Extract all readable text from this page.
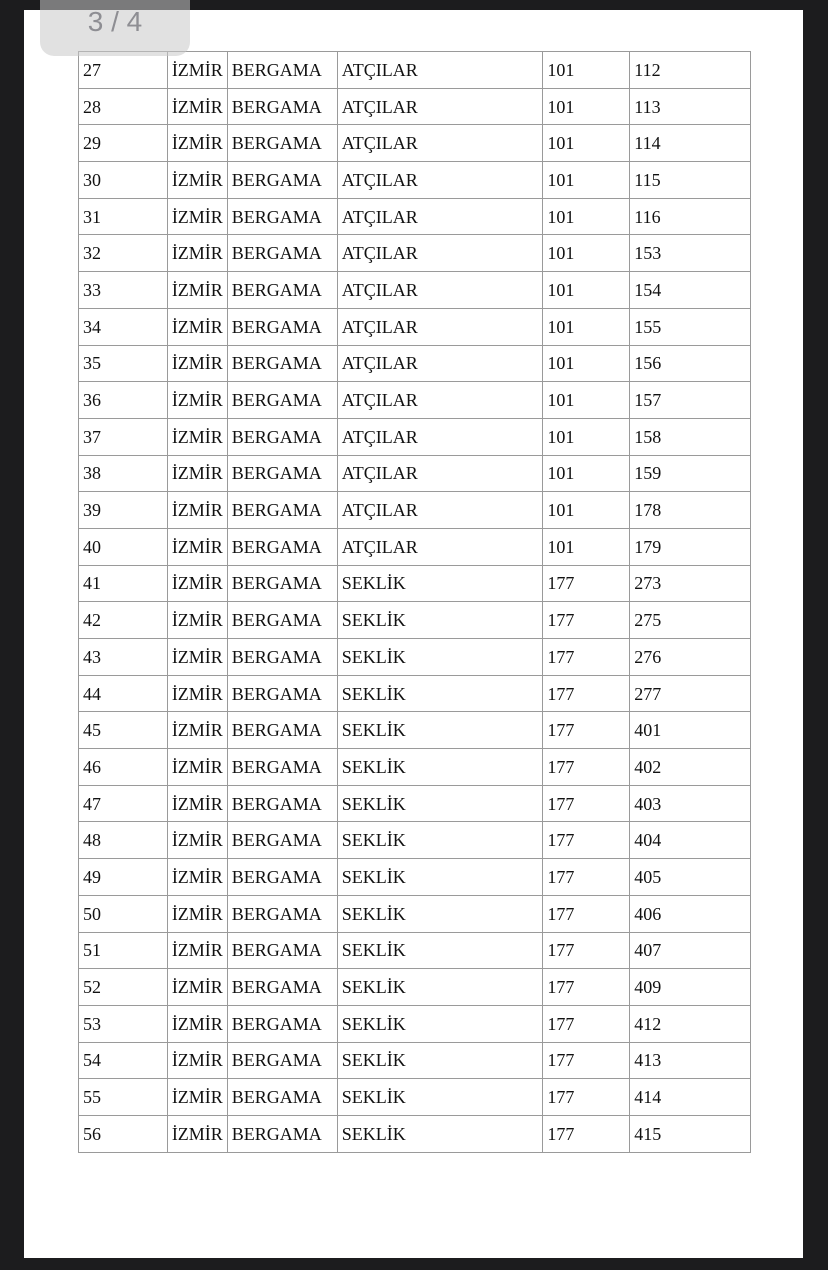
3 / 4
27	İZMİR	BERGAMA	ATÇILAR	101	112
28	İZMİR	BERGAMA	ATÇILAR	101	113
29	İZMİR	BERGAMA	ATÇILAR	101	114
30	İZMİR	BERGAMA	ATÇILAR	101	115
31	İZMİR	BERGAMA	ATÇILAR	101	116
32	İZMİR	BERGAMA	ATÇILAR	101	153
33	İZMİR	BERGAMA	ATÇILAR	101	154
34	İZMİR	BERGAMA	ATÇILAR	101	155
35	İZMİR	BERGAMA	ATÇILAR	101	156
36	İZMİR	BERGAMA	ATÇILAR	101	157
37	İZMİR	BERGAMA	ATÇILAR	101	158
38	İZMİR	BERGAMA	ATÇILAR	101	159
39	İZMİR	BERGAMA	ATÇILAR	101	178
40	İZMİR	BERGAMA	ATÇILAR	101	179
41	İZMİR	BERGAMA	SEKLİK	177	273
42	İZMİR	BERGAMA	SEKLİK	177	275
43	İZMİR	BERGAMA	SEKLİK	177	276
44	İZMİR	BERGAMA	SEKLİK	177	277
45	İZMİR	BERGAMA	SEKLİK	177	401
46	İZMİR	BERGAMA	SEKLİK	177	402
47	İZMİR	BERGAMA	SEKLİK	177	403
48	İZMİR	BERGAMA	SEKLİK	177	404
49	İZMİR	BERGAMA	SEKLİK	177	405
50	İZMİR	BERGAMA	SEKLİK	177	406
51	İZMİR	BERGAMA	SEKLİK	177	407
52	İZMİR	BERGAMA	SEKLİK	177	409
53	İZMİR	BERGAMA	SEKLİK	177	412
54	İZMİR	BERGAMA	SEKLİK	177	413
55	İZMİR	BERGAMA	SEKLİK	177	414
56	İZMİR	BERGAMA	SEKLİK	177	415
